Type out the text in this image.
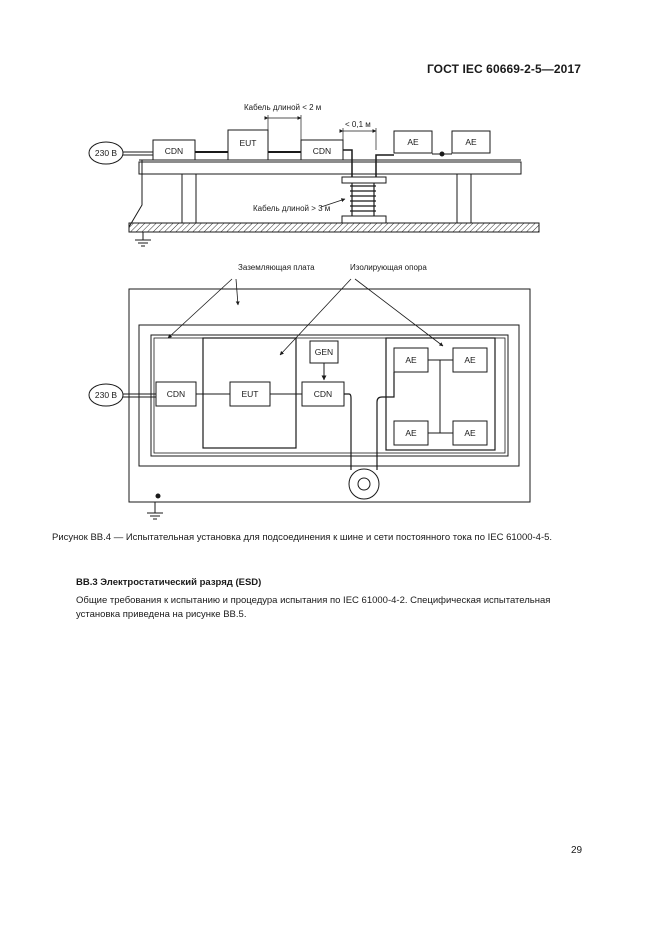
ГОСТ IEC 60669-2-5—2017
230 В	CDN
EUT
CDN
AE	AE
Кабель длиной < 2 м
< 0,1 м
Кабель длиной > 3 м
Заземляющая плата	Изолирующая опора
230 В	CDN	EUT
GEN
CDN
AE	AE
AE	AE

Рисунок ВВ.4 — Испытательная установка для подсоединения к шине и сети постоянного тока по IEC 61000-4-5.

ВВ.3 Электростатический разряд (ESD)

Общие требования к испытанию и процедура испытания по IEC 61000-4-2. Специфическая испытательная установка приведена на рисунке ВВ.5.

29
